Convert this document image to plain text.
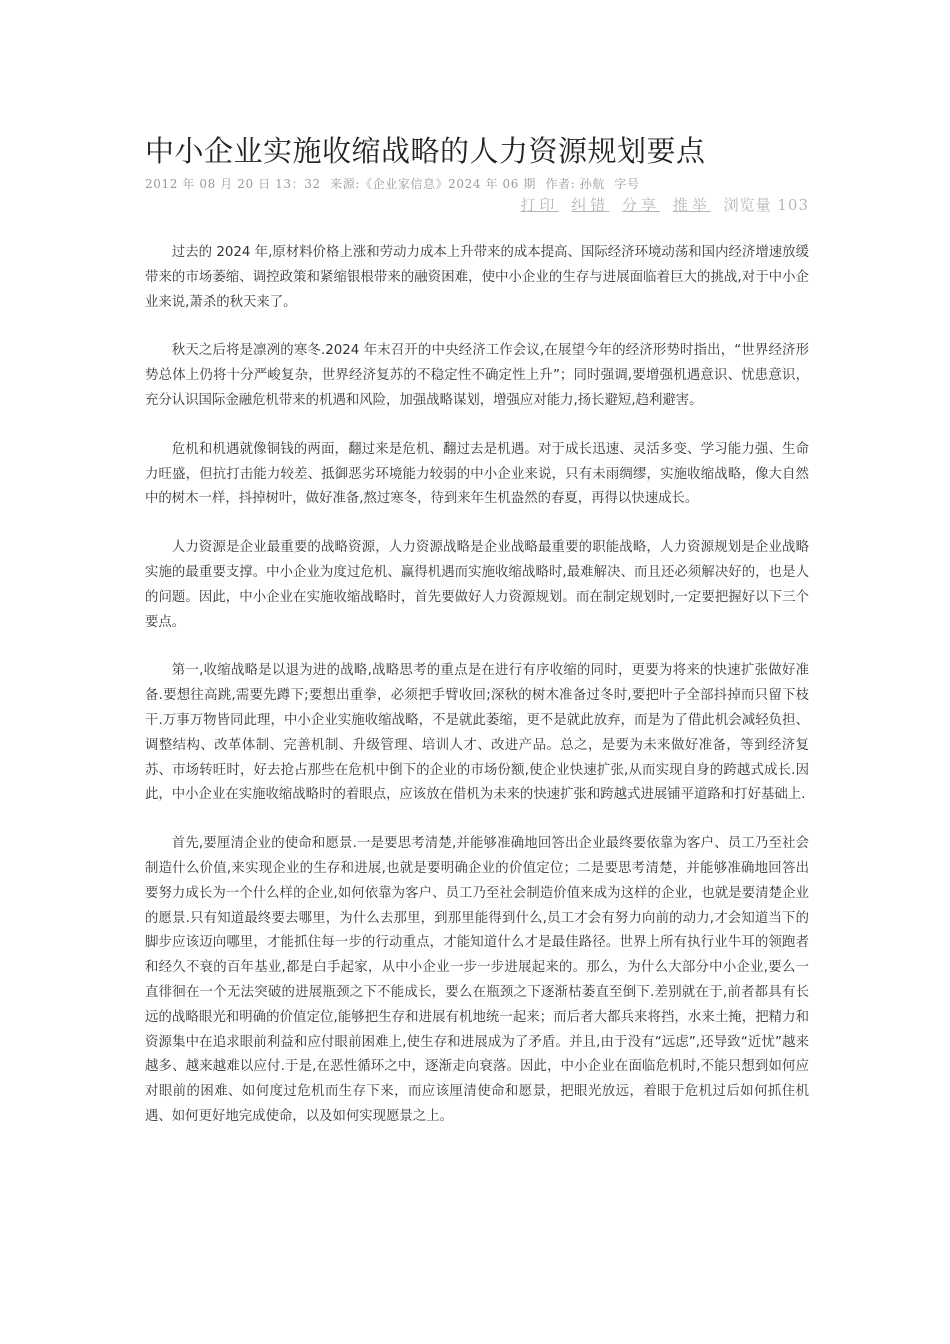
中小企业实施收缩战略的人力资源规划要点
2012 年 08 月 20 日 13：32 来源:《企业家信息》2024 年 06 期 作者: 孙航 字号
打印 纠错 分享 推举 浏览量 103

过去的 2024 年,原材料价格上涨和劳动力成本上升带来的成本提高、国际经济环境动荡和国内经济增速放缓带来的市场萎缩、调控政策和紧缩银根带来的融资困难，使中小企业的生存与进展面临着巨大的挑战,对于中小企业来说,萧杀的秋天来了。

秋天之后将是凛冽的寒冬.2024 年末召开的中央经济工作会议,在展望今年的经济形势时指出，“世界经济形势总体上仍将十分严峻复杂，世界经济复苏的不稳定性不确定性上升”；同时强调,要增强机遇意识、忧患意识，充分认识国际金融危机带来的机遇和风险，加强战略谋划，增强应对能力,扬长避短,趋利避害。

危机和机遇就像铜钱的两面，翻过来是危机、翻过去是机遇。对于成长迅速、灵活多变、学习能力强、生命力旺盛，但抗打击能力较差、抵御恶劣环境能力较弱的中小企业来说，只有未雨绸缪，实施收缩战略，像大自然中的树木一样，抖掉树叶，做好准备,熬过寒冬，待到来年生机盎然的春夏，再得以快速成长。

人力资源是企业最重要的战略资源，人力资源战略是企业战略最重要的职能战略，人力资源规划是企业战略实施的最重要支撑。中小企业为度过危机、赢得机遇而实施收缩战略时,最难解决、而且还必须解决好的，也是人的问题。因此，中小企业在实施收缩战略时，首先要做好人力资源规划。而在制定规划时,一定要把握好以下三个要点。

第一,收缩战略是以退为进的战略,战略思考的重点是在进行有序收缩的同时，更要为将来的快速扩张做好准备.要想往高跳,需要先蹲下;要想出重拳，必须把手臂收回;深秋的树木准备过冬时,要把叶子全部抖掉而只留下枝干.万事万物皆同此理，中小企业实施收缩战略，不是就此萎缩，更不是就此放弃，而是为了借此机会减轻负担、调整结构、改革体制、完善机制、升级管理、培训人才、改进产品。总之，是要为未来做好准备，等到经济复苏、市场转旺时，好去抢占那些在危机中倒下的企业的市场份额,使企业快速扩张,从而实现自身的跨越式成长.因此，中小企业在实施收缩战略时的着眼点，应该放在借机为未来的快速扩张和跨越式进展铺平道路和打好基础上.

首先,要厘清企业的使命和愿景.一是要思考清楚,并能够准确地回答出企业最终要依靠为客户、员工乃至社会制造什么价值,来实现企业的生存和进展,也就是要明确企业的价值定位；二是要思考清楚，并能够准确地回答出要努力成长为一个什么样的企业,如何依靠为客户、员工乃至社会制造价值来成为这样的企业，也就是要清楚企业的愿景.只有知道最终要去哪里，为什么去那里，到那里能得到什么,员工才会有努力向前的动力,才会知道当下的脚步应该迈向哪里，才能抓住每一步的行动重点，才能知道什么才是最佳路径。世界上所有执行业牛耳的领跑者和经久不衰的百年基业,都是白手起家，从中小企业一步一步进展起来的。那么，为什么大部分中小企业,要么一直徘徊在一个无法突破的进展瓶颈之下不能成长，要么在瓶颈之下逐渐枯萎直至倒下.差别就在于,前者都具有长远的战略眼光和明确的价值定位,能够把生存和进展有机地统一起来；而后者大都兵来将挡，水来土掩，把精力和资源集中在追求眼前利益和应付眼前困难上,使生存和进展成为了矛盾。并且,由于没有“远虑”,还导致“近忧”越来越多、越来越难以应付.于是,在恶性循环之中，逐渐走向衰落。因此，中小企业在面临危机时,不能只想到如何应对眼前的困难、如何度过危机而生存下来，而应该厘清使命和愿景，把眼光放远，着眼于危机过后如何抓住机遇、如何更好地完成使命，以及如何实现愿景之上。
